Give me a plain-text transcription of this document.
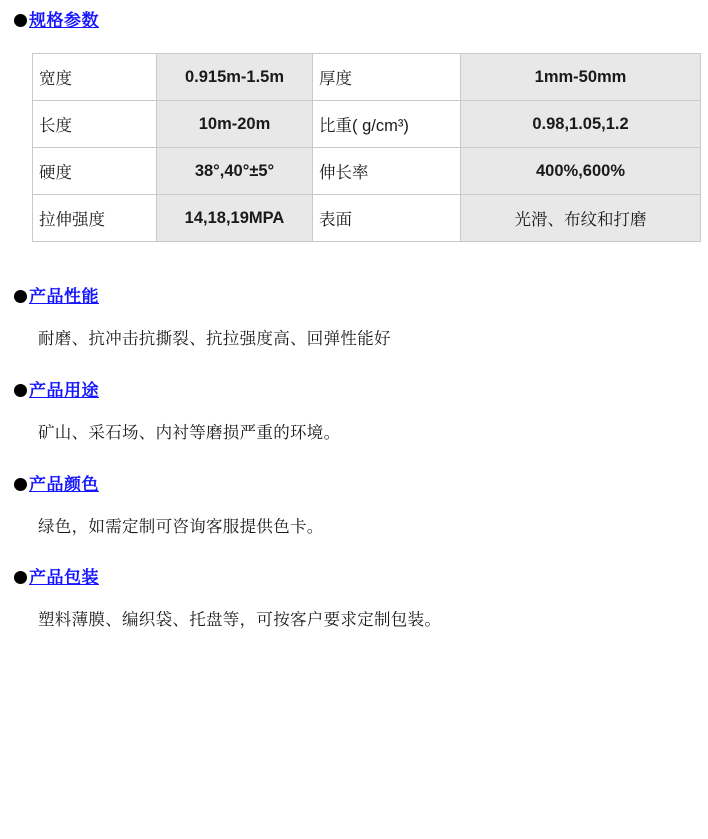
规格参数
宽度	0.915m-1.5m	厚度	1mm-50mm
长度	10m-20m	比重( g/cm³)	0.98,1.05,1.2
硬度	38°,40°±5°	伸长率	400%,600%
拉伸强度	14,18,19MPA	表面	光滑、布纹和打磨
产品性能
耐磨、抗冲击抗撕裂、抗拉强度高、回弹性能好
产品用途
矿山、采石场、内衬等磨损严重的环境。
产品颜色
绿色，如需定制可咨询客服提供色卡。
产品包装
塑料薄膜、编织袋、托盘等，可按客户要求定制包装。
